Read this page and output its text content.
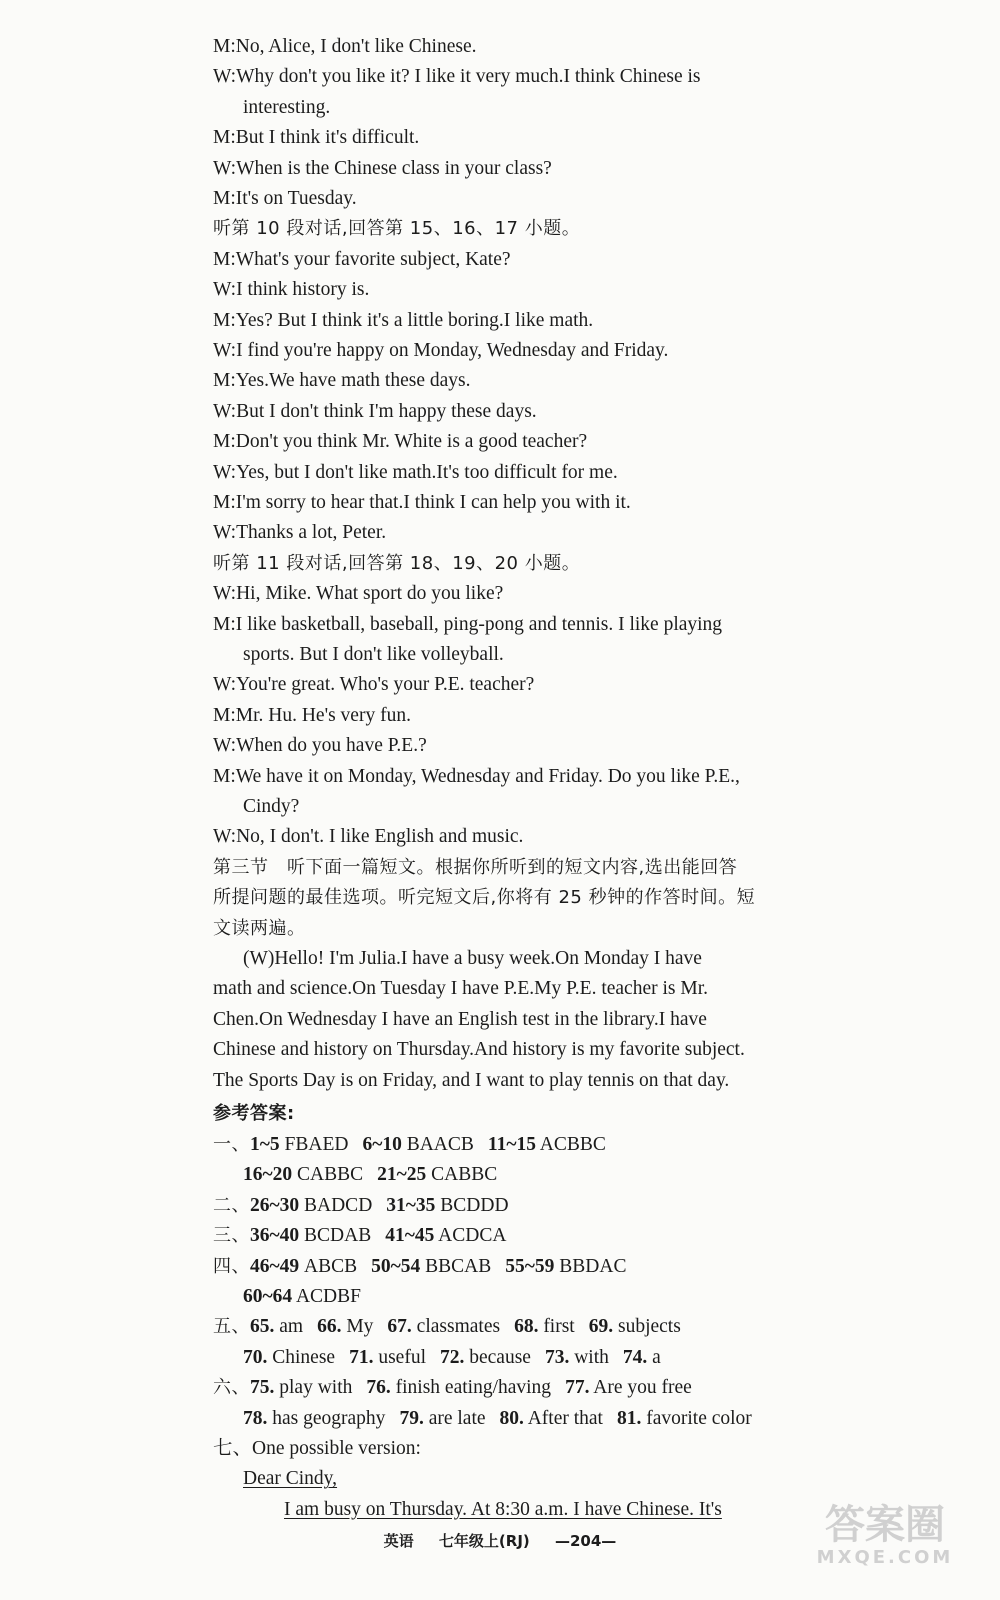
M:No, Alice, I don't like Chinese.
W:Why don't you like it? I like it very much.I think Chinese is
interesting.
M:But I think it's difficult.
W:When is the Chinese class in your class?
M:It's on Tuesday.
听第 10 段对话,回答第 15、16、17 小题。
M:What's your favorite subject, Kate?
W:I think history is.
M:Yes? But I think it's a little boring.I like math.
W:I find you're happy on Monday, Wednesday and Friday.
M:Yes.We have math these days.
W:But I don't think I'm happy these days.
M:Don't you think Mr. White is a good teacher?
W:Yes, but I don't like math.It's too difficult for me.
M:I'm sorry to hear that.I think I can help you with it.
W:Thanks a lot, Peter.
听第 11 段对话,回答第 18、19、20 小题。
W:Hi, Mike. What sport do you like?
M:I like basketball, baseball, ping-pong and tennis. I like playing
sports. But I don't like volleyball.
W:You're great. Who's your P.E. teacher?
M:Mr. Hu. He's very fun.
W:When do you have P.E.?
M:We have it on Monday, Wednesday and Friday. Do you like P.E.,
Cindy?
W:No, I don't. I like English and music.
第三节　听下面一篇短文。根据你所听到的短文内容,选出能回答
所提问题的最佳选项。听完短文后,你将有 25 秒钟的作答时间。短
文读两遍。
(W)Hello! I'm Julia.I have a busy week.On Monday I have
math and science.On Tuesday I have P.E.My P.E. teacher is Mr.
Chen.On Wednesday I have an English test in the library.I have
Chinese and history on Thursday.And history is my favorite subject.
The Sports Day is on Friday, and I want to play tennis on that day.
参考答案:
一、1~5 FBAED 6~10 BAACB 11~15 ACBBC
16~20 CABBC 21~25 CABBC
二、26~30 BADCD 31~35 BCDDD
三、36~40 BCDAB 41~45 ACDCA
四、46~49 ABCB 50~54 BBCAB 55~59 BBDAC
60~64 ACDBF
五、65. am 66. My 67. classmates 68. first 69. subjects
70. Chinese 71. useful 72. because 73. with 74. a
六、75. play with 76. finish eating/having 77. Are you free
78. has geography 79. are late 80. After that 81. favorite color
七、One possible version:
Dear Cindy,
I am busy on Thursday. At 8:30 a.m. I have Chinese. It's
英语 七年级上(RJ) —204—	答案圈
MXQE.COM
